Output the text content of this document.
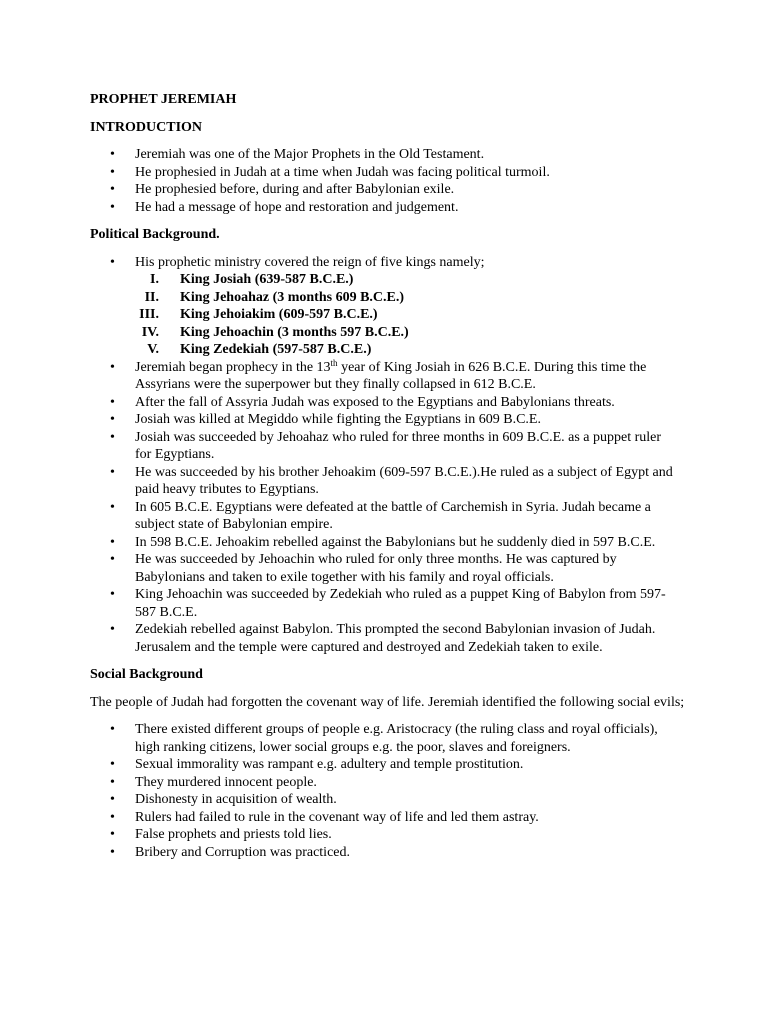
PROPHET JEREMIAH
INTRODUCTION
•	Jeremiah was one of the Major Prophets in the Old Testament.
•	He prophesied in Judah at a time when Judah was facing political turmoil.
•	He prophesied before, during and after Babylonian exile.
•	He had a message of hope and restoration and judgement.
Political Background.
•	His prophetic ministry covered the reign of five kings namely;
I. King Josiah (639-587 B.C.E.)
II. King Jehoahaz (3 months 609 B.C.E.)
III. King Jehoiakim (609-597 B.C.E.)
IV. King Jehoachin (3 months 597 B.C.E.)
V. King Zedekiah (597-587 B.C.E.)
•	Jeremiah began prophecy in the 13th year of King Josiah in 626 B.C.E. During this time the Assyrians were the superpower but they finally collapsed in 612 B.C.E.
•	After the fall of Assyria Judah was exposed to the Egyptians and Babylonians threats.
•	Josiah was killed at Megiddo while fighting the Egyptians in 609 B.C.E.
•	Josiah was succeeded by Jehoahaz who ruled for three months in 609 B.C.E. as a puppet ruler for Egyptians.
•	He was succeeded by his brother Jehoakim (609-597 B.C.E.).He ruled as a subject of Egypt and paid heavy tributes to Egyptians.
•	In 605 B.C.E. Egyptians were defeated at the battle of Carchemish in Syria. Judah became a subject state of Babylonian empire.
•	In 598 B.C.E. Jehoakim rebelled against the Babylonians but he suddenly died in 597 B.C.E.
•	He was succeeded by Jehoachin who ruled for only three months. He was captured by Babylonians and taken to exile together with his family and royal officials.
•	King Jehoachin was succeeded by Zedekiah who ruled as a puppet King of Babylon from 597-587 B.C.E.
•	Zedekiah rebelled against Babylon. This prompted the second Babylonian invasion of Judah. Jerusalem and the temple were captured and destroyed and Zedekiah taken to exile.
Social Background

The people of Judah had forgotten the covenant way of life. Jeremiah identified the following social evils;

•	There existed different groups of people e.g. Aristocracy (the ruling class and royal officials), high ranking citizens, lower social groups e.g. the poor, slaves and foreigners.
•	Sexual immorality was rampant e.g. adultery and temple prostitution.
•	They murdered innocent people.
•	Dishonesty in acquisition of wealth.
•	Rulers had failed to rule in the covenant way of life and led them astray.
•	False prophets and priests told lies.
•	Bribery and Corruption was practiced.
